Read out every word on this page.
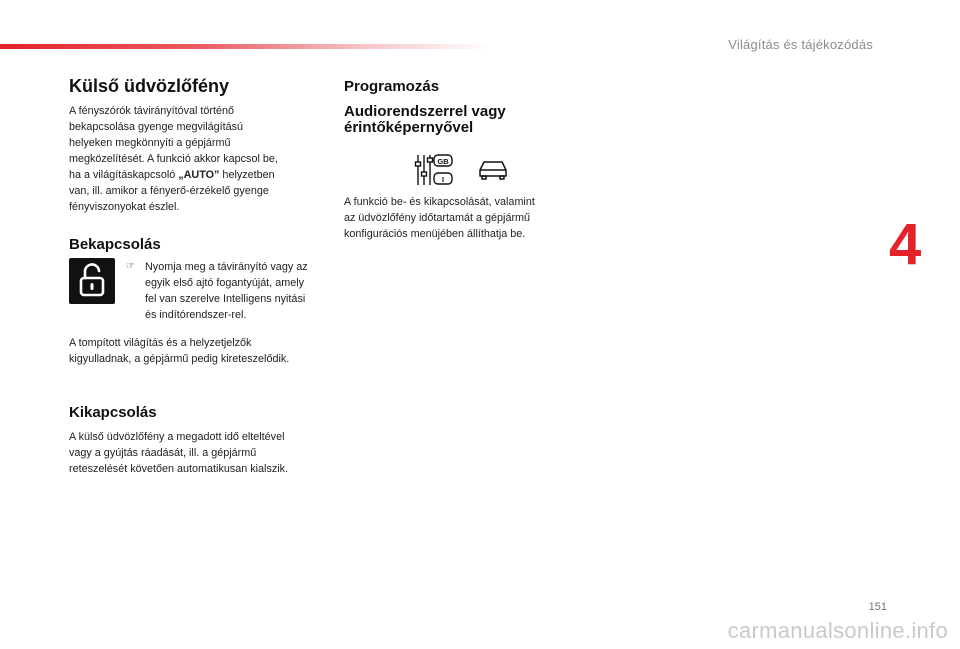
Világítás és tájékozódás
4
Külső üdvözlőfény

A fényszórók távirányítóval történő
bekapcsolása gyenge megvilágítású
helyeken megkönnyíti a gépjármű
megközelítését. A funkció akkor kapcsol be,
ha a világításkapcsoló „AUTO” helyzetben
van, ill. amikor a fényerő-érzékelő gyenge
fényviszonyokat észlel.

Bekapcsolás
☞ Nyomja meg a távirányító vagy az
egyik első ajtó fogantyúját, amely
fel van szerelve Intelligens nyitási
és indítórendszer-rel.

A tompított világítás és a helyzetjelzők
kigyulladnak, a gépjármű pedig kireteszelődik.

Kikapcsolás

A külső üdvözlőfény a megadott idő elteltével
vagy a gyújtás ráadását, ill. a gépjármű
reteszelését követően automatikusan kialszik.

Programozás
Audiorendszerrel vagy
érintőképernyővel
GB
I

A funkció be- és kikapcsolását, valamint
az üdvözlőfény időtartamát a gépjármű
konfigurációs menüjében állíthatja be.

151
carmanualsonline.info
